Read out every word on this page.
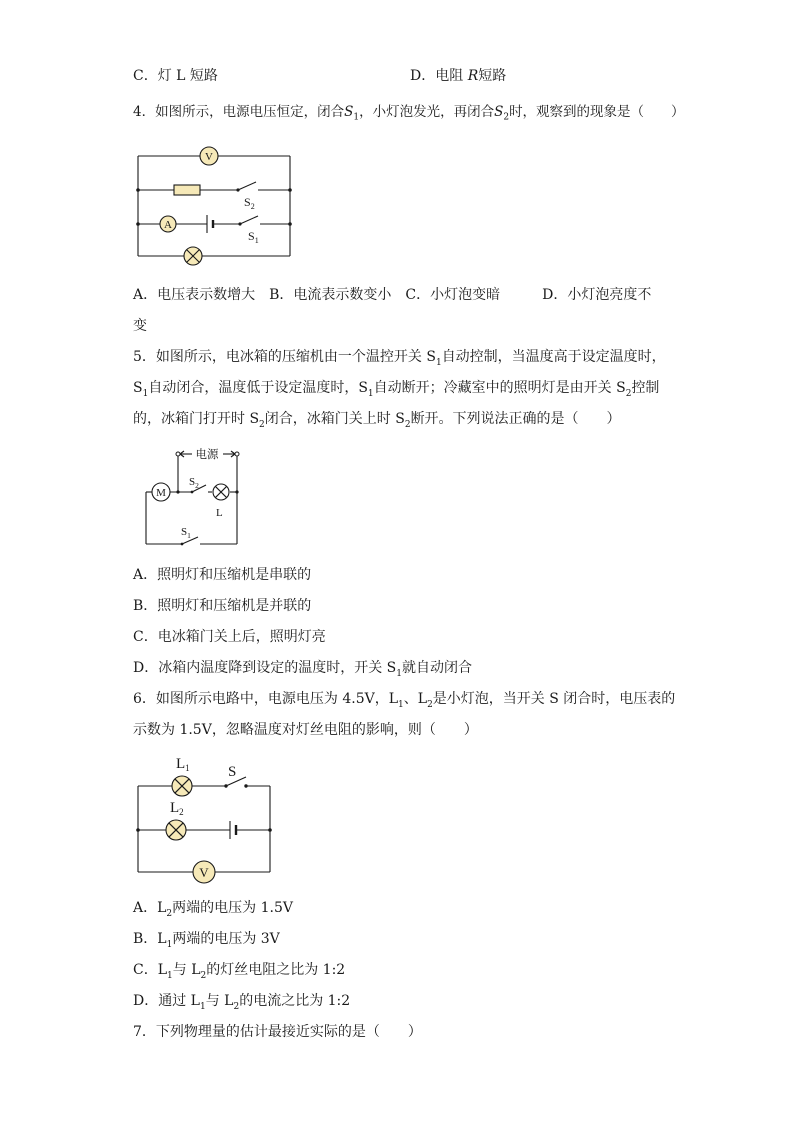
C．灯 L 短路	D．电阻 R短路
4．如图所示，电源电压恒定，闭合$S_1$，小灯泡发光，再闭合$S_2$时，观察到的现象是（　　）
V
A
$S_2$
$S_1$
A．电压表示数增大　B．电流表示数变小　C．小灯泡变暗　　　D．小灯泡亮度不
变
5．如图所示，电冰箱的压缩机由一个温控开关 $S_1$自动控制，当温度高于设定温度时，
$S_1$自动闭合，温度低于设定温度时，$S_1$自动断开；冷藏室中的照明灯是由开关 $S_2$控制
的，冰箱门打开时 $S_2$闭合，冰箱门关上时 $S_2$断开。下列说法正确的是（　　）
电源
M
$S_2$
L
$S_1$
A．照明灯和压缩机是串联的
B．照明灯和压缩机是并联的
C．电冰箱门关上后，照明灯亮
D．冰箱内温度降到设定的温度时，开关 $S_1$就自动闭合
6．如图所示电路中，电源电压为 4.5V，$L_1$、$L_2$是小灯泡，当开关 S 闭合时，电压表的
示数为 1.5V，忽略温度对灯丝电阻的影响，则（　　）
V
$L_1$	S
$L_2$
A．$L_2$两端的电压为 1.5V
B．$L_1$两端的电压为 3V
C．$L_1$与 $L_2$的灯丝电阻之比为 1:2
D．通过 $L_1$与 $L_2$的电流之比为 1:2
7．下列物理量的估计最接近实际的是（　　）
